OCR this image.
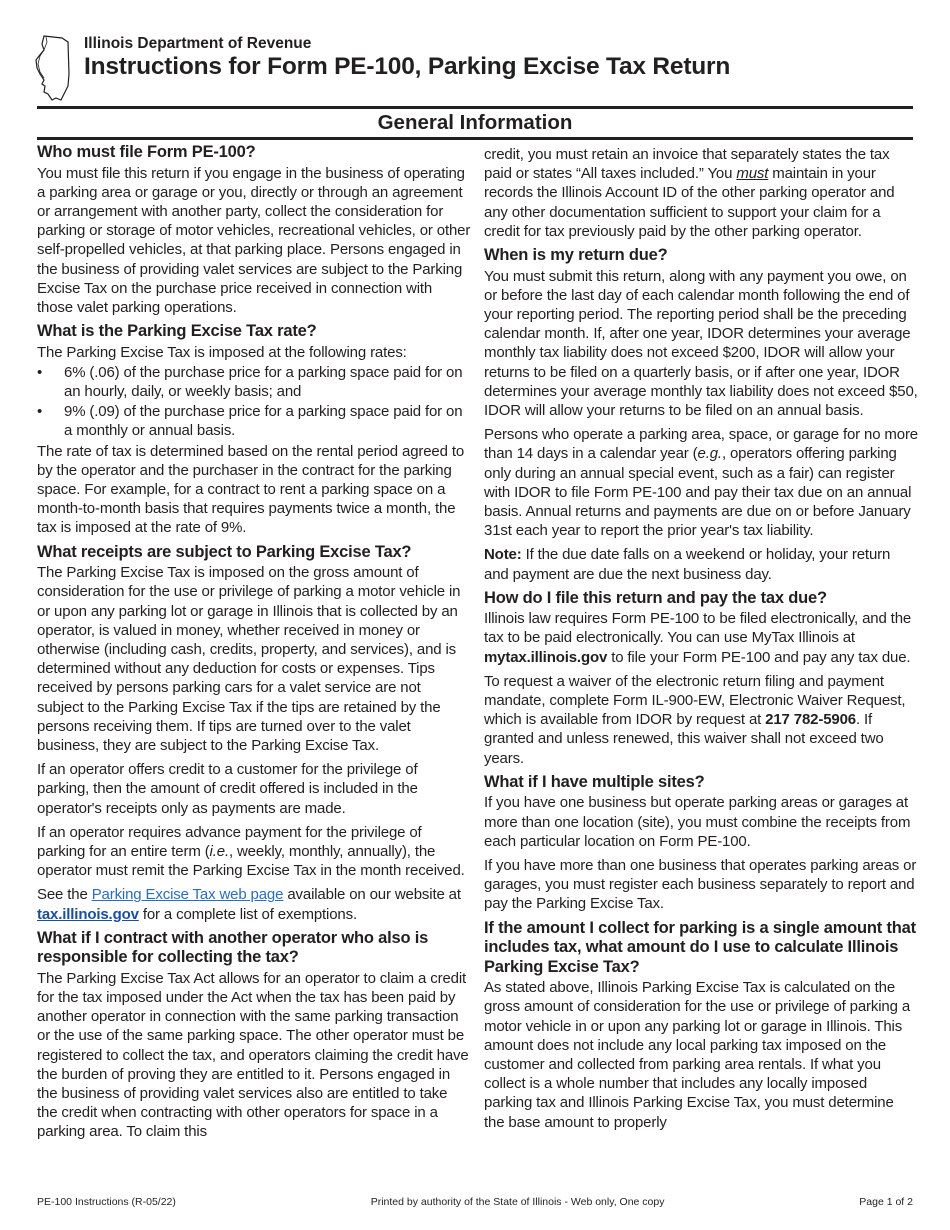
Illinois Department of Revenue
Instructions for Form PE-100, Parking Excise Tax Return
General Information
Who must file Form PE-100?
You must file this return if you engage in the business of operating a parking area or garage or you, directly or through an agreement or arrangement with another party, collect the consideration for parking or storage of motor vehicles, recreational vehicles, or other self-propelled vehicles, at that parking place. Persons engaged in the business of providing valet services are subject to the Parking Excise Tax on the purchase price received in connection with those valet parking operations.
What is the Parking Excise Tax rate?
The Parking Excise Tax is imposed at the following rates:
• 6% (.06) of the purchase price for a parking space paid for on an hourly, daily, or weekly basis; and
• 9% (.09) of the purchase price for a parking space paid for on a monthly or annual basis.
The rate of tax is determined based on the rental period agreed to by the operator and the purchaser in the contract for the parking space. For example, for a contract to rent a parking space on a month-to-month basis that requires payments twice a month, the tax is imposed at the rate of 9%.
What receipts are subject to Parking Excise Tax?
The Parking Excise Tax is imposed on the gross amount of consideration for the use or privilege of parking a motor vehicle in or upon any parking lot or garage in Illinois that is collected by an operator, is valued in money, whether received in money or otherwise (including cash, credits, property, and services), and is determined without any deduction for costs or expenses. Tips received by persons parking cars for a valet service are not subject to the Parking Excise Tax if the tips are retained by the persons receiving them. If tips are turned over to the valet business, they are subject to the Parking Excise Tax.
If an operator offers credit to a customer for the privilege of parking, then the amount of credit offered is included in the operator's receipts only as payments are made.
If an operator requires advance payment for the privilege of parking for an entire term (i.e., weekly, monthly, annually), the operator must remit the Parking Excise Tax in the month received.
See the Parking Excise Tax web page available on our website at tax.illinois.gov for a complete list of exemptions.
What if I contract with another operator who also is responsible for collecting the tax?
The Parking Excise Tax Act allows for an operator to claim a credit for the tax imposed under the Act when the tax has been paid by another operator in connection with the same parking transaction or the use of the same parking space. The other operator must be registered to collect the tax, and operators claiming the credit have the burden of proving they are entitled to it. Persons engaged in the business of providing valet services also are entitled to take the credit when contracting with other operators for space in a parking area. To claim this
credit, you must retain an invoice that separately states the tax paid or states “All taxes included.” You must maintain in your records the Illinois Account ID of the other parking operator and any other documentation sufficient to support your claim for a credit for tax previously paid by the other parking operator.
When is my return due?
You must submit this return, along with any payment you owe, on or before the last day of each calendar month following the end of your reporting period. The reporting period shall be the preceding calendar month. If, after one year, IDOR determines your average monthly tax liability does not exceed $200, IDOR will allow your returns to be filed on a quarterly basis, or if after one year, IDOR determines your average monthly tax liability does not exceed $50, IDOR will allow your returns to be filed on an annual basis.
Persons who operate a parking area, space, or garage for no more than 14 days in a calendar year (e.g., operators offering parking only during an annual special event, such as a fair) can register with IDOR to file Form PE-100 and pay their tax due on an annual basis. Annual returns and payments are due on or before January 31st each year to report the prior year's tax liability.
Note: If the due date falls on a weekend or holiday, your return and payment are due the next business day.
How do I file this return and pay the tax due?
Illinois law requires Form PE-100 to be filed electronically, and the tax to be paid electronically. You can use MyTax Illinois at mytax.illinois.gov to file your Form PE-100 and pay any tax due.
To request a waiver of the electronic return filing and payment mandate, complete Form IL-900-EW, Electronic Waiver Request, which is available from IDOR by request at 217 782-5906. If granted and unless renewed, this waiver shall not exceed two years.
What if I have multiple sites?
If you have one business but operate parking areas or garages at more than one location (site), you must combine the receipts from each particular location on Form PE-100.
If you have more than one business that operates parking areas or garages, you must register each business separately to report and pay the Parking Excise Tax.
If the amount I collect for parking is a single amount that includes tax, what amount do I use to calculate Illinois Parking Excise Tax?
As stated above, Illinois Parking Excise Tax is calculated on the gross amount of consideration for the use or privilege of parking a motor vehicle in or upon any parking lot or garage in Illinois. This amount does not include any local parking tax imposed on the customer and collected from parking area rentals. If what you collect is a whole number that includes any locally imposed parking tax and Illinois Parking Excise Tax, you must determine the base amount to properly
PE-100 Instructions (R-05/22)	Printed by authority of the State of Illinois - Web only, One copy	Page 1 of 2
